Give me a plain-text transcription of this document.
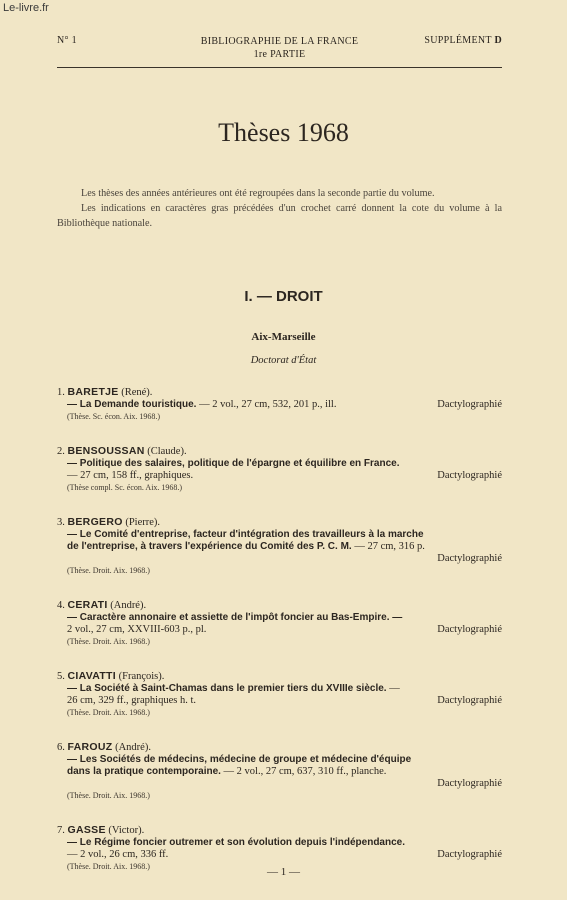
Le-livre.fr
N° 1	BIBLIOGRAPHIE DE LA FRANCE
1re PARTIE
SUPPLÉMENT D
Thèses 1968

Les thèses des années antérieures ont été regroupées dans la seconde partie du volume.

Les indications en caractères gras précédées d'un crochet carré donnent la cote du volume à la Bibliothèque nationale.

I. — DROIT
Aix-Marseille
Doctorat d'État
1. BARETJE (René).
— La Demande touristique. — 2 vol., 27 cm, 532, 201 p., ill.	Dactylographié
(Thèse. Sc. écon. Aix. 1968.)
2. BENSOUSSAN (Claude).
— Politique des salaires, politique de l'épargne et équilibre en France.
— 27 cm, 158 ff., graphiques.	Dactylographié
(Thèse compl. Sc. écon. Aix. 1968.)
3. BERGERO (Pierre).
— Le Comité d'entreprise, facteur d'intégration des travailleurs à la marche
de l'entreprise, à travers l'expérience du Comité des P. C. M. — 27 cm, 316 p.
Dactylographié
(Thèse. Droit. Aix. 1968.)
4. CERATI (André).
— Caractère annonaire et assiette de l'impôt foncier au Bas-Empire. —
2 vol., 27 cm, XXVIII-603 p., pl.	Dactylographié
(Thèse. Droit. Aix. 1968.)
5. CIAVATTI (François).
— La Société à Saint-Chamas dans le premier tiers du XVIIIe siècle. —
26 cm, 329 ff., graphiques h. t.	Dactylographié
(Thèse. Droit. Aix. 1968.)
6. FAROUZ (André).
— Les Sociétés de médecins, médecine de groupe et médecine d'équipe
dans la pratique contemporaine. — 2 vol., 27 cm, 637, 310 ff., planche.
Dactylographié
(Thèse. Droit. Aix. 1968.)
7. GASSE (Victor).
— Le Régime foncier outremer et son évolution depuis l'indépendance.
— 2 vol., 26 cm, 336 ff.	Dactylographié
(Thèse. Droit. Aix. 1968.)	— 1 —
